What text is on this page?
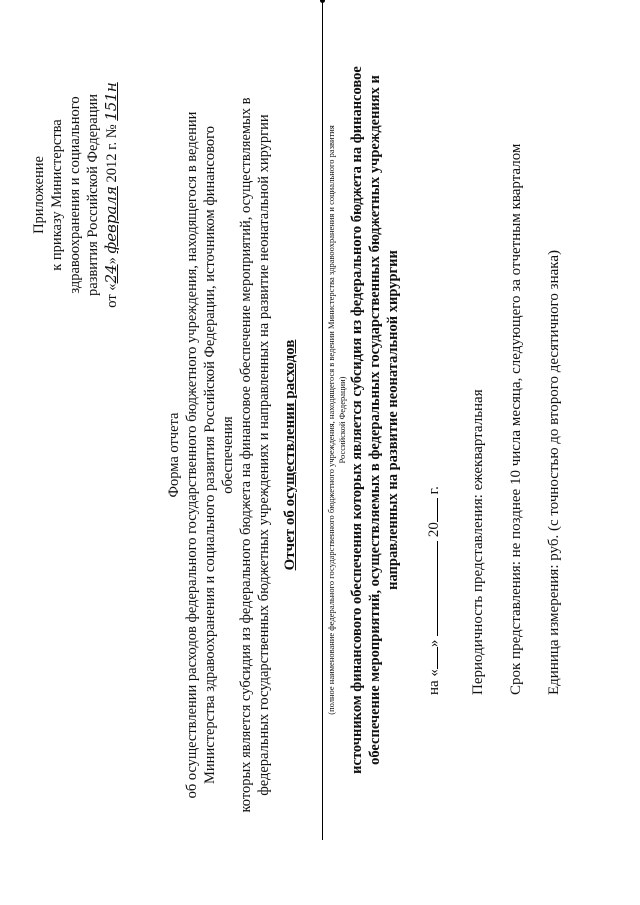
Приложение к приказу Министерства здравоохранения и социального развития Российской Федерации от «24» февраля 2012 г. № 151н
Форма отчета об осуществлении расходов федерального государственного бюджетного учреждения, находящегося в ведении Министерства здравоохранения и социального развития Российской Федерации, источником финансового обеспечения которых является субсидия из федерального бюджета на финансовое обеспечение мероприятий, осуществляемых в федеральных государственных бюджетных учреждениях и направленных на развитие неонатальной хирургии Отчет об осуществлении расходов	(полное наименование федерального государственного бюджетного учреждения, находящегося в ведении Министерства здравоохранения и социального развития Российской Федерации) источником финансового обеспечения которых является субсидия из федерального бюджета на финансовое обеспечение мероприятий, осуществляемых в федеральных государственных бюджетных учреждениях и направленных на развитие неонатальной хирургии
на «»  20 г. Периодичность представления: ежеквартальная Срок представления: не позднее 10 числа месяца, следующего за отчетным кварталом Единица измерения: руб. (с точностью до второго десятичного знака)
